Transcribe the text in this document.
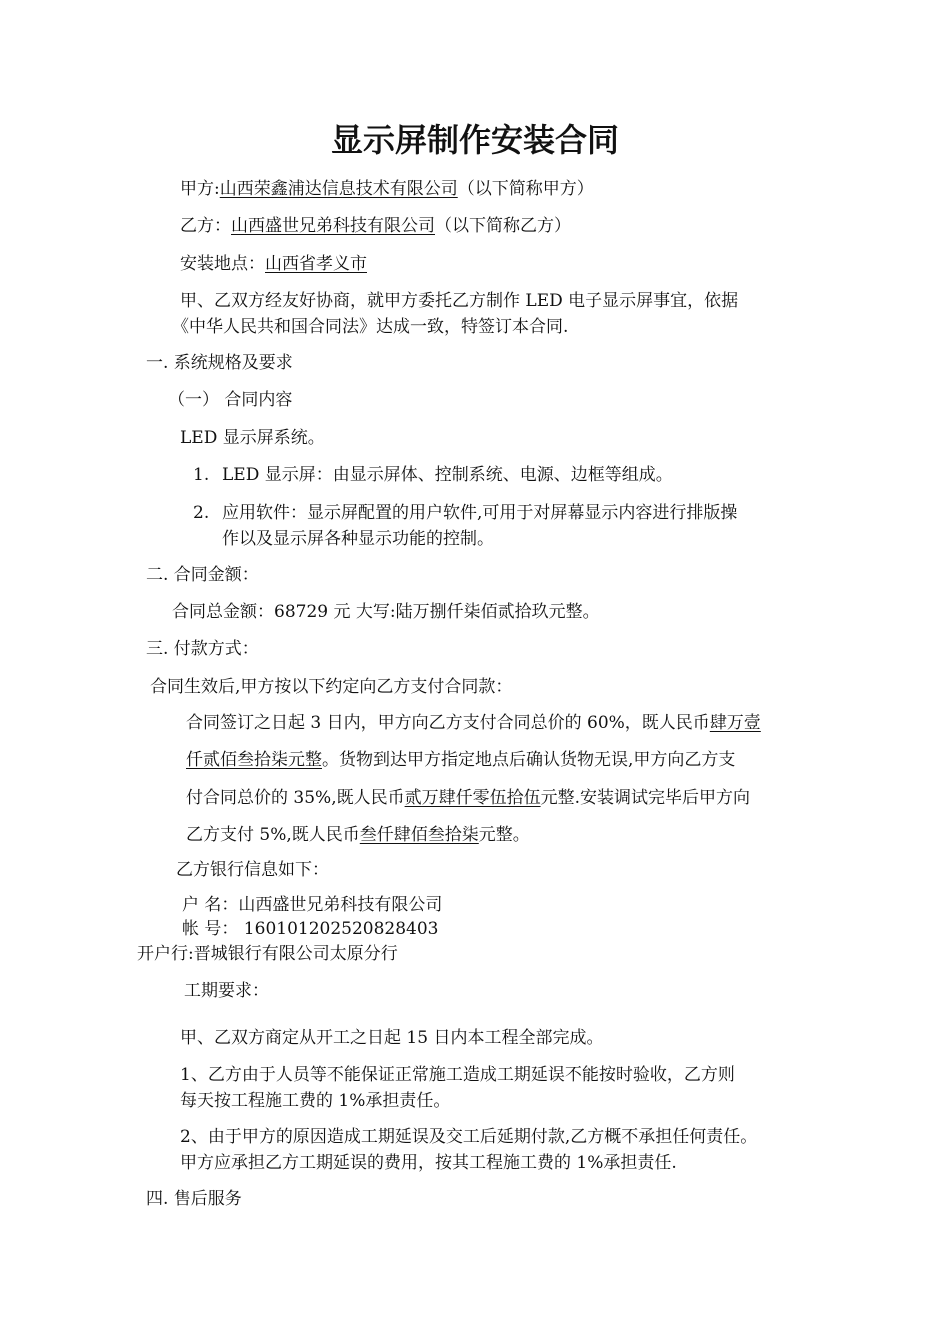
显示屏制作安装合同
甲方:山西荣鑫浦达信息技术有限公司（以下简称甲方）
乙方：山西盛世兄弟科技有限公司（以下简称乙方）
安装地点：山西省孝义市
甲、乙双方经友好协商，就甲方委托乙方制作 LED 电子显示屏事宜，依据
《中华人民共和国合同法》达成一致，特签订本合同.
一. 系统规格及要求
（一） 合同内容
LED 显示屏系统。
1. LED 显示屏：由显示屏体、控制系统、电源、边框等组成。
2. 应用软件：显示屏配置的用户软件,可用于对屏幕显示内容进行排版操
作以及显示屏各种显示功能的控制。
二. 合同金额：
合同总金额：68729 元 大写:陆万捌仟柒佰贰拾玖元整。
三. 付款方式：
合同生效后,甲方按以下约定向乙方支付合同款：
合同签订之日起 3 日内，甲方向乙方支付合同总价的 60%，既人民币肆万壹
仟贰佰叁拾柒元整。货物到达甲方指定地点后确认货物无误,甲方向乙方支
付合同总价的 35%,既人民币贰万肆仟零伍拾伍元整.安装调试完毕后甲方向
乙方支付 5%,既人民币叁仟肆佰叁拾柒元整。
乙方银行信息如下：
户 名：山西盛世兄弟科技有限公司
帐 号： 160101202520828403
开户行:晋城银行有限公司太原分行
工期要求：
甲、乙双方商定从开工之日起 15 日内本工程全部完成。
1、乙方由于人员等不能保证正常施工造成工期延误不能按时验收，乙方则
每天按工程施工费的 1%承担责任。
2、由于甲方的原因造成工期延误及交工后延期付款,乙方概不承担任何责任。
甲方应承担乙方工期延误的费用，按其工程施工费的 1%承担责任.
四. 售后服务
